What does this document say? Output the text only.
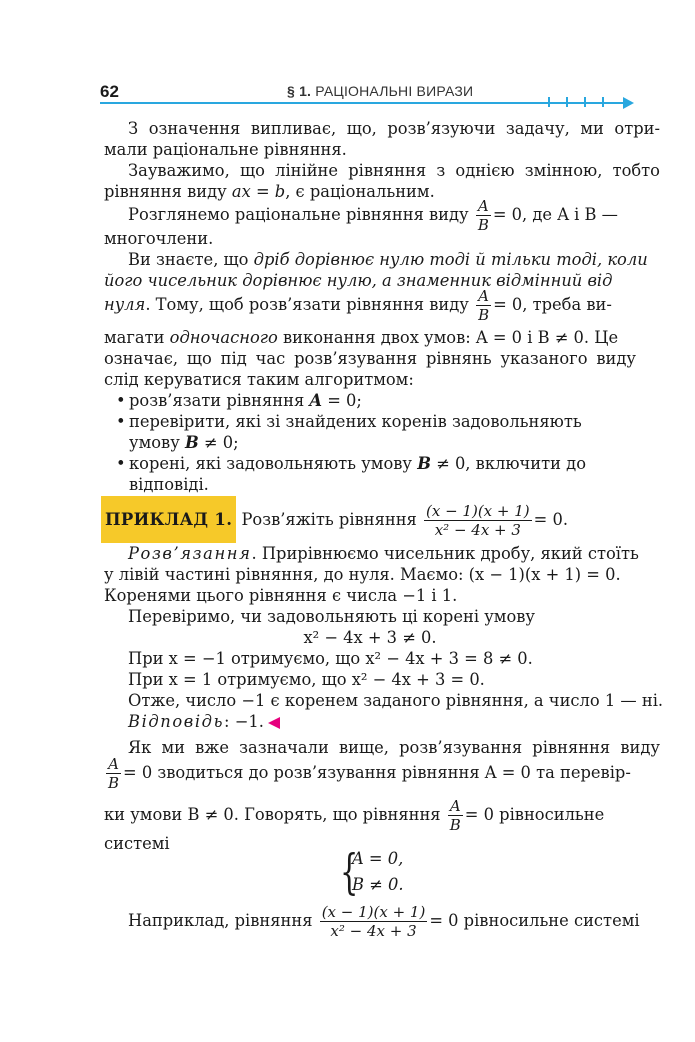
62	§ 1. РАЦІОНАЛЬНІ ВИРАЗИ
З означення випливає, що, розв’язуючи задачу, ми отри-
мали раціональне рівняння.
Зауважимо, що лінійне рівняння з однією змінною, тобто
рівняння виду ax = b, є раціональним.
Розглянемо раціональне рівняння виду $\frac{A}{B} = 0$, де A і B —
многочлени.
Ви знаєте, що дріб дорівнює нулю тоді й тільки тоді, коли
його чисельник дорівнює нулю, а знаменник відмінний від
нуля. Тому, щоб розв’язати рівняння виду $\frac{A}{B} = 0$, треба ви-
магати одночасного виконання двох умов: A = 0 і B ≠ 0. Це
означає, що під час розв’язування рівнянь указаного виду
слід керуватися таким алгоритмом:
• розв’язати рівняння A = 0;
• перевірити, які зі знайдених коренів задовольняють
умову B ≠ 0;
• корені, які задовольняють умову B ≠ 0, включити до
відповіді.
ПРИКЛАД 1. Розв’яжіть рівняння $\frac{(x - 1)(x + 1)}{\text{x² − 4x + 3}} = 0$.
Розв’язання. Прирівнюємо чисельник дробу, який стоїть
у лівій частині рівняння, до нуля. Маємо: (x − 1)(x + 1) = 0.
Коренями цього рівняння є числа −1 і 1.
Перевіримо, чи задовольняють ці корені умову
x² − 4x + 3 ≠ 0.
При x = −1 отримуємо, що x² − 4x + 3 = 8 ≠ 0.
При x = 1 отримуємо, що x² − 4x + 3 = 0.
Отже, число −1 є коренем заданого рівняння, а число 1 — ні.
Відповідь: −1.
Як ми вже зазначали вище, розв’язування рівняння виду
$\frac{A}{B} = 0$ зводиться до розв’язування рівняння A = 0 та перевір-
ки умови B ≠ 0. Говорять, що рівняння $\frac{A}{B} = 0$ рівносильне
системі
{
A = 0,
B ≠ 0.
Наприклад, рівняння $\frac{(x - 1)(x + 1)}{\text{x² − 4x + 3}} = 0$ рівносильне системі
